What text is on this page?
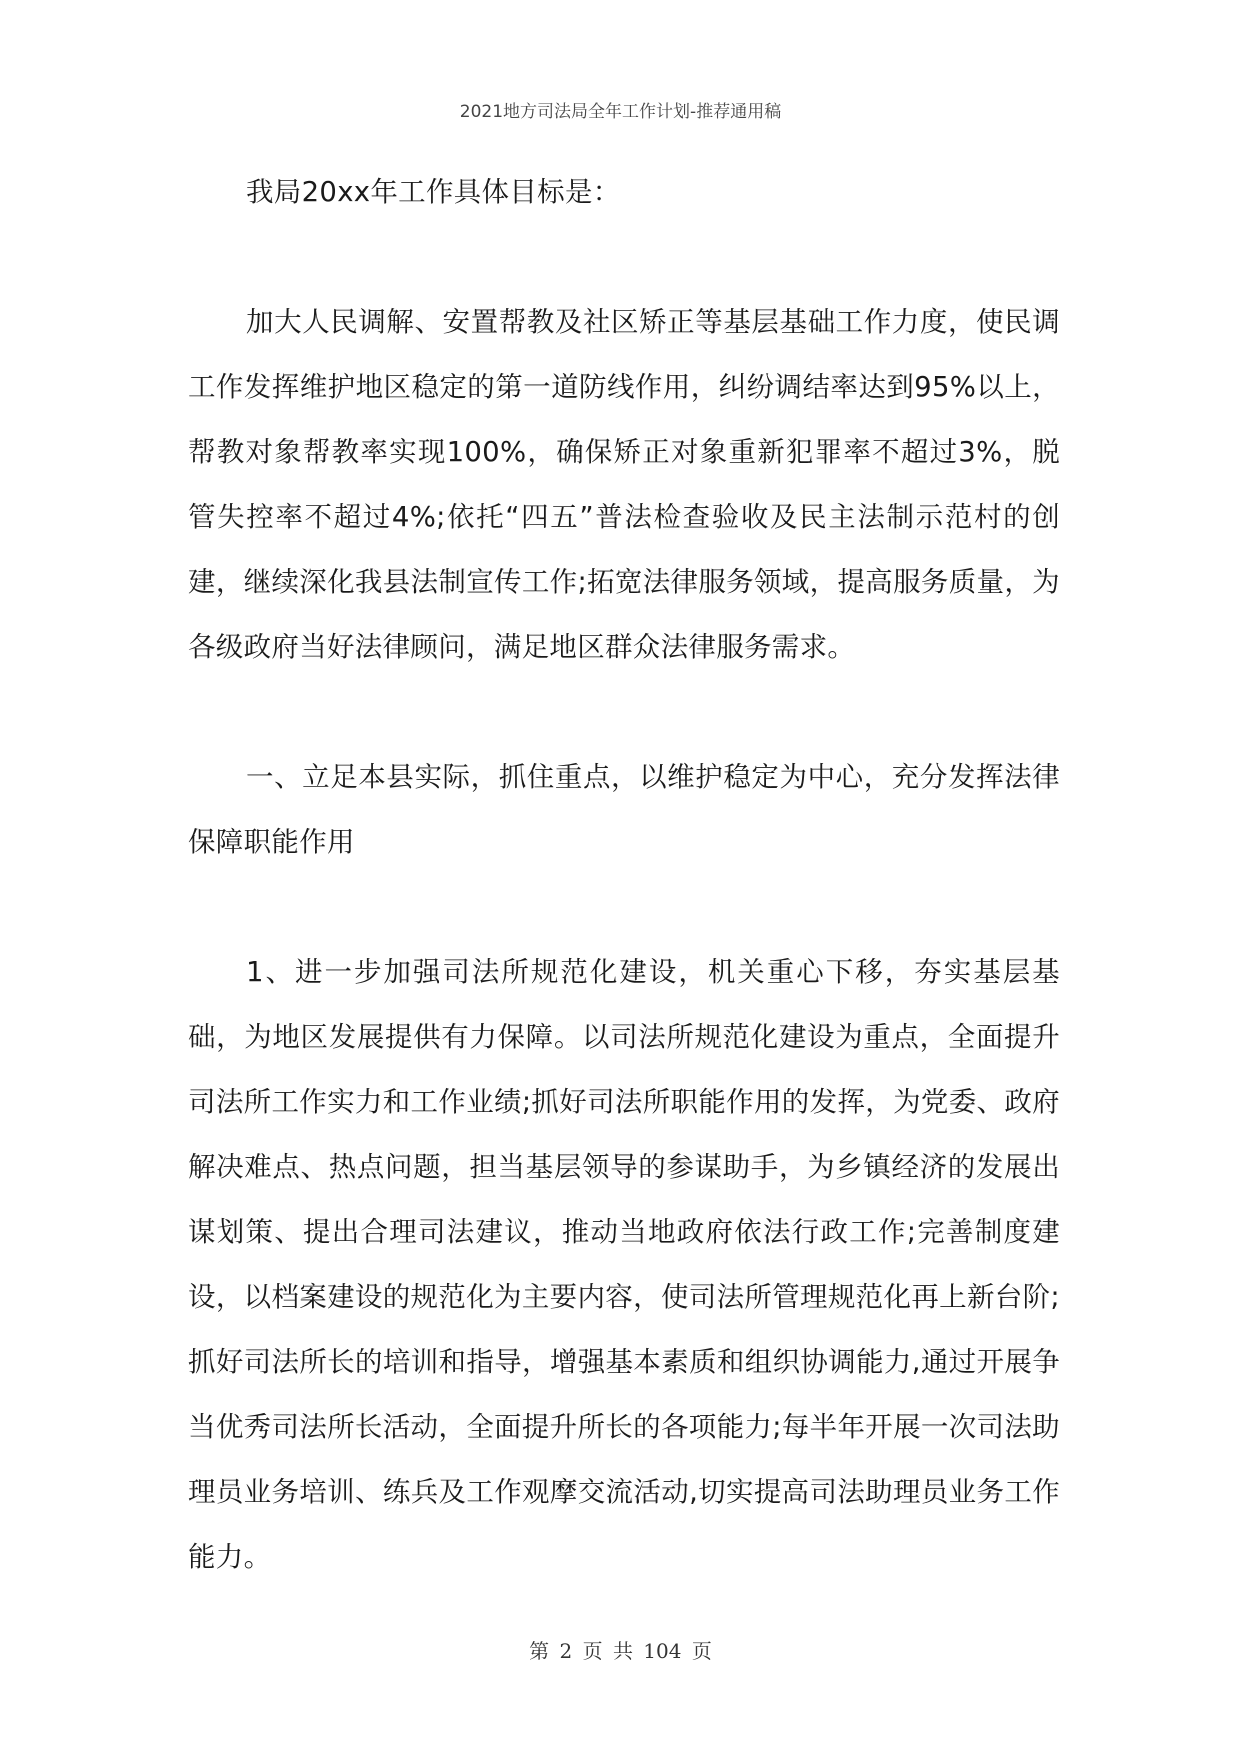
2021地方司法局全年工作计划-推荐通用稿

我局20xx年工作具体目标是：

加大人民调解、安置帮教及社区矫正等基层基础工作力度，使民调工作发挥维护地区稳定的第一道防线作用，纠纷调结率达到95%以上，帮教对象帮教率实现100%，确保矫正对象重新犯罪率不超过3%，脱管失控率不超过4%;依托“四五”普法检查验收及民主法制示范村的创建，继续深化我县法制宣传工作;拓宽法律服务领域，提高服务质量，为各级政府当好法律顾问，满足地区群众法律服务需求。

一、立足本县实际，抓住重点，以维护稳定为中心，充分发挥法律保障职能作用

1、进一步加强司法所规范化建设，机关重心下移，夯实基层基础，为地区发展提供有力保障。以司法所规范化建设为重点，全面提升司法所工作实力和工作业绩;抓好司法所职能作用的发挥，为党委、政府解决难点、热点问题，担当基层领导的参谋助手，为乡镇经济的发展出谋划策、提出合理司法建议，推动当地政府依法行政工作;完善制度建设，以档案建设的规范化为主要内容，使司法所管理规范化再上新台阶;抓好司法所长的培训和指导，增强基本素质和组织协调能力,通过开展争当优秀司法所长活动，全面提升所长的各项能力;每半年开展一次司法助理员业务培训、练兵及工作观摩交流活动,切实提高司法助理员业务工作能力。

第 2 页 共 104 页
